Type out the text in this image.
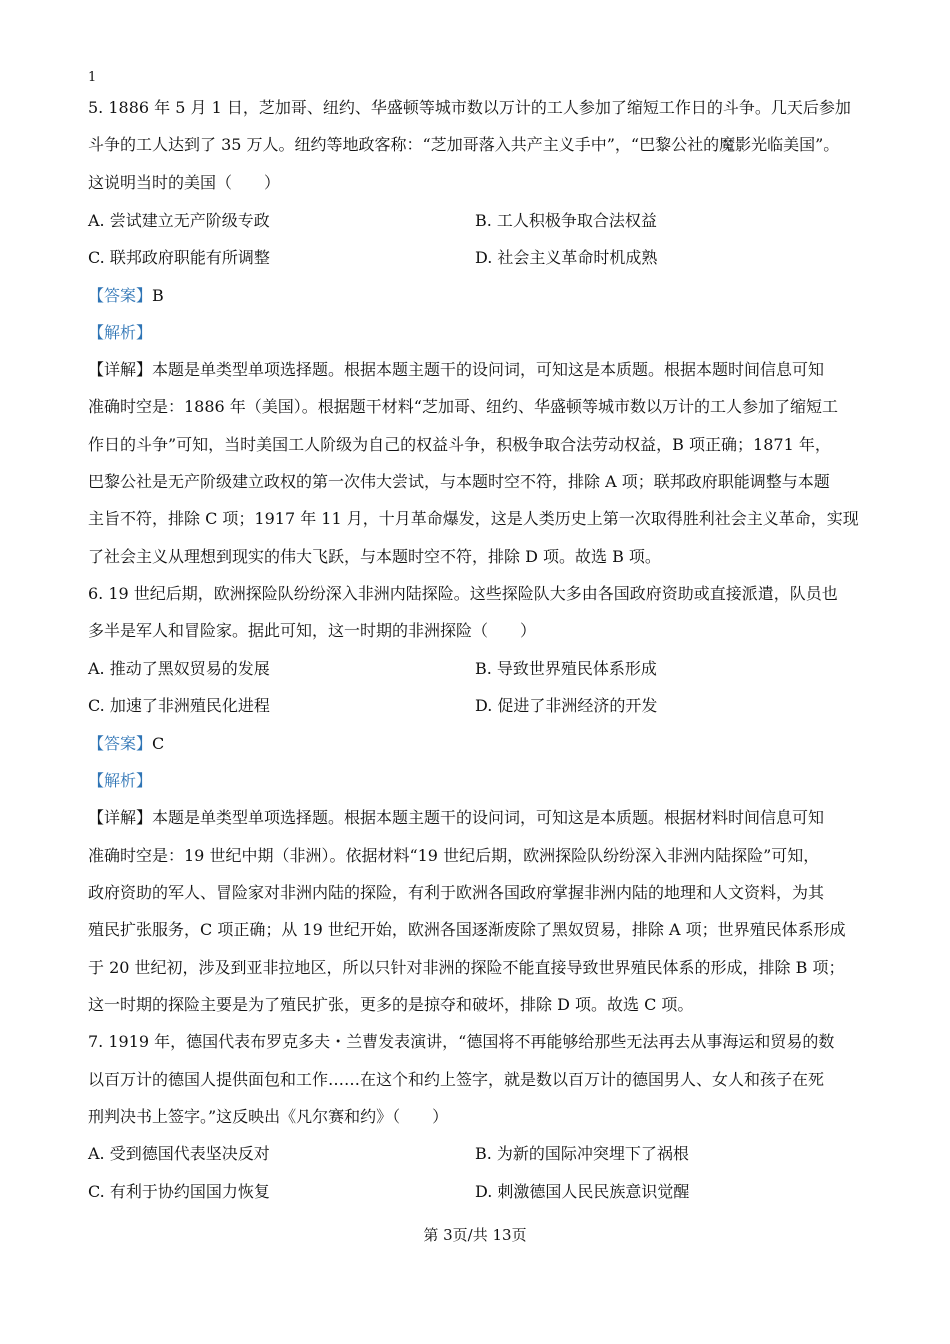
1
5. 1886 年 5 月 1 日，芝加哥、纽约、华盛顿等城市数以万计的工人参加了缩短工作日的斗争。几天后参加
斗争的工人达到了 35 万人。纽约等地政客称：“芝加哥落入共产主义手中”，“巴黎公社的魔影光临美国”。
这说明当时的美国（　　）
A. 尝试建立无产阶级专政	B. 工人积极争取合法权益
C. 联邦政府职能有所调整	D. 社会主义革命时机成熟
【答案】B
【解析】
【详解】本题是单类型单项选择题。根据本题主题干的设问词，可知这是本质题。根据本题时间信息可知
准确时空是：1886 年（美国）。根据题干材料“芝加哥、纽约、华盛顿等城市数以万计的工人参加了缩短工
作日的斗争”可知，当时美国工人阶级为自己的权益斗争，积极争取合法劳动权益，B 项正确；1871 年，
巴黎公社是无产阶级建立政权的第一次伟大尝试，与本题时空不符，排除 A 项；联邦政府职能调整与本题
主旨不符，排除 C 项；1917 年 11 月，十月革命爆发，这是人类历史上第一次取得胜利社会主义革命，实现
了社会主义从理想到现实的伟大飞跃，与本题时空不符，排除 D 项。故选 B 项。
6. 19 世纪后期，欧洲探险队纷纷深入非洲内陆探险。这些探险队大多由各国政府资助或直接派遣，队员也
多半是军人和冒险家。据此可知，这一时期的非洲探险（　　）
A. 推动了黑奴贸易的发展	B. 导致世界殖民体系形成
C. 加速了非洲殖民化进程	D. 促进了非洲经济的开发
【答案】C
【解析】
【详解】本题是单类型单项选择题。根据本题主题干的设问词，可知这是本质题。根据材料时间信息可知
准确时空是：19 世纪中期（非洲）。依据材料“19 世纪后期，欧洲探险队纷纷深入非洲内陆探险”可知，
政府资助的军人、冒险家对非洲内陆的探险，有利于欧洲各国政府掌握非洲内陆的地理和人文资料，为其
殖民扩张服务，C 项正确；从 19 世纪开始，欧洲各国逐渐废除了黑奴贸易，排除 A 项；世界殖民体系形成
于 20 世纪初，涉及到亚非拉地区，所以只针对非洲的探险不能直接导致世界殖民体系的形成，排除 B 项；
这一时期的探险主要是为了殖民扩张，更多的是掠夺和破坏，排除 D 项。故选 C 项。
7. 1919 年，德国代表布罗克多夫・兰曹发表演讲，“德国将不再能够给那些无法再去从事海运和贸易的数
以百万计的德国人提供面包和工作……在这个和约上签字，就是数以百万计的德国男人、女人和孩子在死
刑判决书上签字。”这反映出《凡尔赛和约》（　　）
A. 受到德国代表坚决反对	B. 为新的国际冲突埋下了祸根
C. 有利于协约国国力恢复	D. 刺激德国人民民族意识觉醒
第 3页/共 13页
